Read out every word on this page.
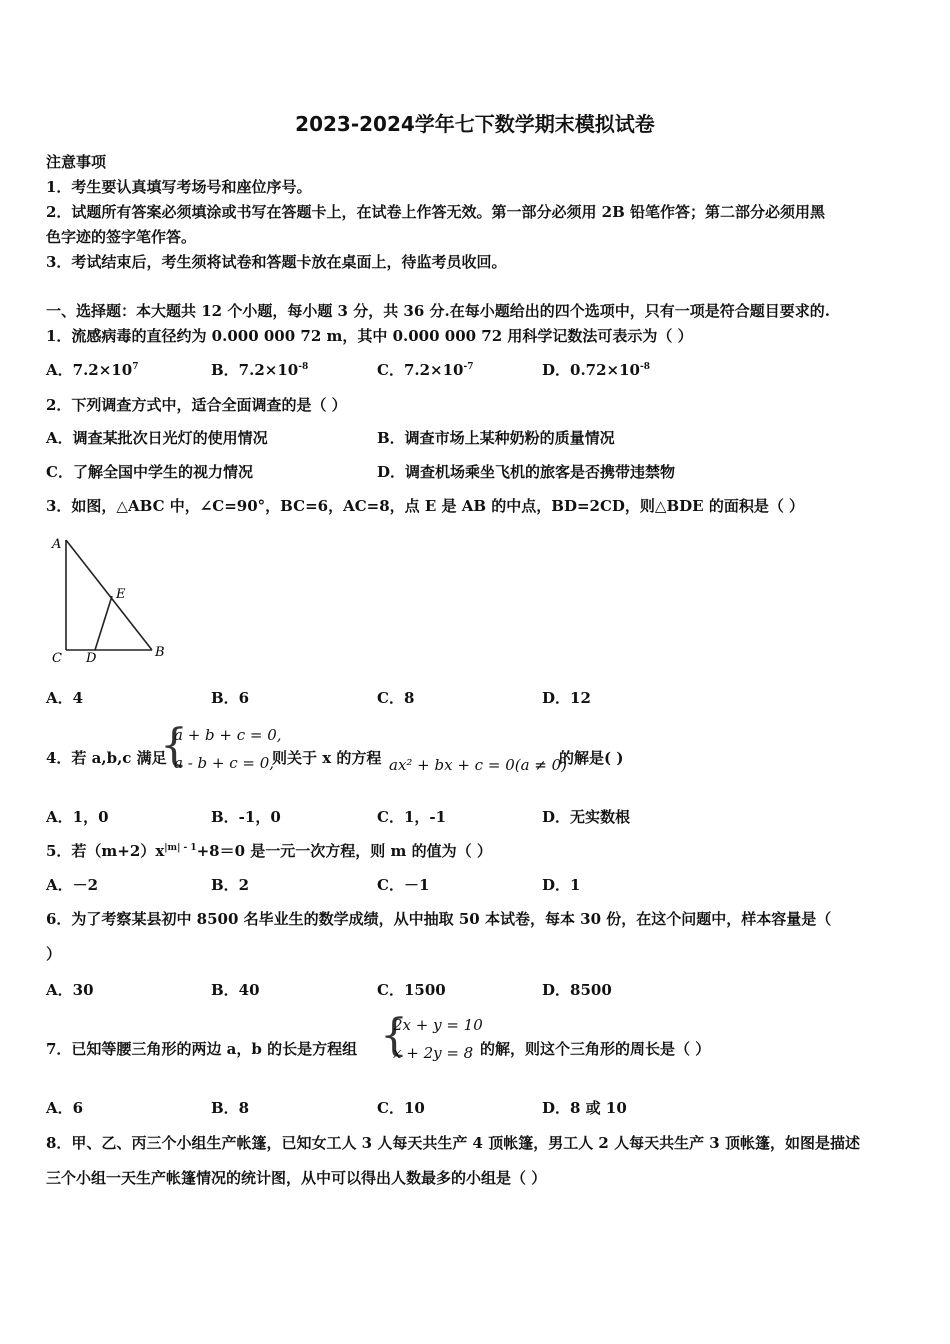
2023-2024学年七下数学期末模拟试卷
注意事项
1．考生要认真填写考场号和座位序号。
2．试题所有答案必须填涂或书写在答题卡上，在试卷上作答无效。第一部分必须用 2B 铅笔作答；第二部分必须用黑
色字迹的签字笔作答。
3．考试结束后，考生须将试卷和答题卡放在桌面上，待监考员收回。
一、选择题：本大题共 12 个小题，每小题 3 分，共 36 分.在每小题给出的四个选项中，只有一项是符合题目要求的.
1．流感病毒的直径约为 0.000 000 72 m，其中 0.000 000 72 用科学记数法可表示为（ ）
A．$7.2\times 10^7$	B．$7.2\times 10^{-8}$	C．$7.2\times 10^{-7}$	D．$0.72\times 10^{-8}$
2．下列调查方式中，适合全面调查的是（ ）
A．调查某批次日光灯的使用情况	B．调查市场上某种奶粉的质量情况
C．了解全国中学生的视力情况	D．调查机场乘坐飞机的旅客是否携带违禁物
3．如图，△ABC 中，∠C=90°，BC=6，AC=8，点 E 是 AB 的中点，BD=2CD，则△BDE 的面积是（ ）
A
C D	B
E
A．4	B．6	C．8	D．12
4．若 a,b,c 满足
{
a + b + c = 0,
a - b + c = 0,
则关于 x 的方程 ax² + bx + c = 0(a ≠ 0)
的解是( )
A．1，0	B．-1，0	C．1，-1	D．无实数根
5．若$(m+2)x^{|m| - 1}+8=0$ 是一元一次方程，则 m 的值为（ ）
A．－2	B．2	C．－1	D．1
6．为了考察某县初中 8500 名毕业生的数学成绩，从中抽取 50 本试卷，每本 30 份，在这个问题中，样本容量是（
）
A．30	B．40	C．1500	D．8500
7．已知等腰三角形的两边 a，b 的长是方程组 {
2x + y = 10
x + 2y = 8 的解，则这个三角形的周长是（ ）
A．6	B．8	C．10	D．8 或 10
8．甲、乙、丙三个小组生产帐篷，已知女工人 3 人每天共生产 4 顶帐篷，男工人 2 人每天共生产 3 顶帐篷，如图是描述
三个小组一天生产帐篷情况的统计图，从中可以得出人数最多的小组是（ ）
